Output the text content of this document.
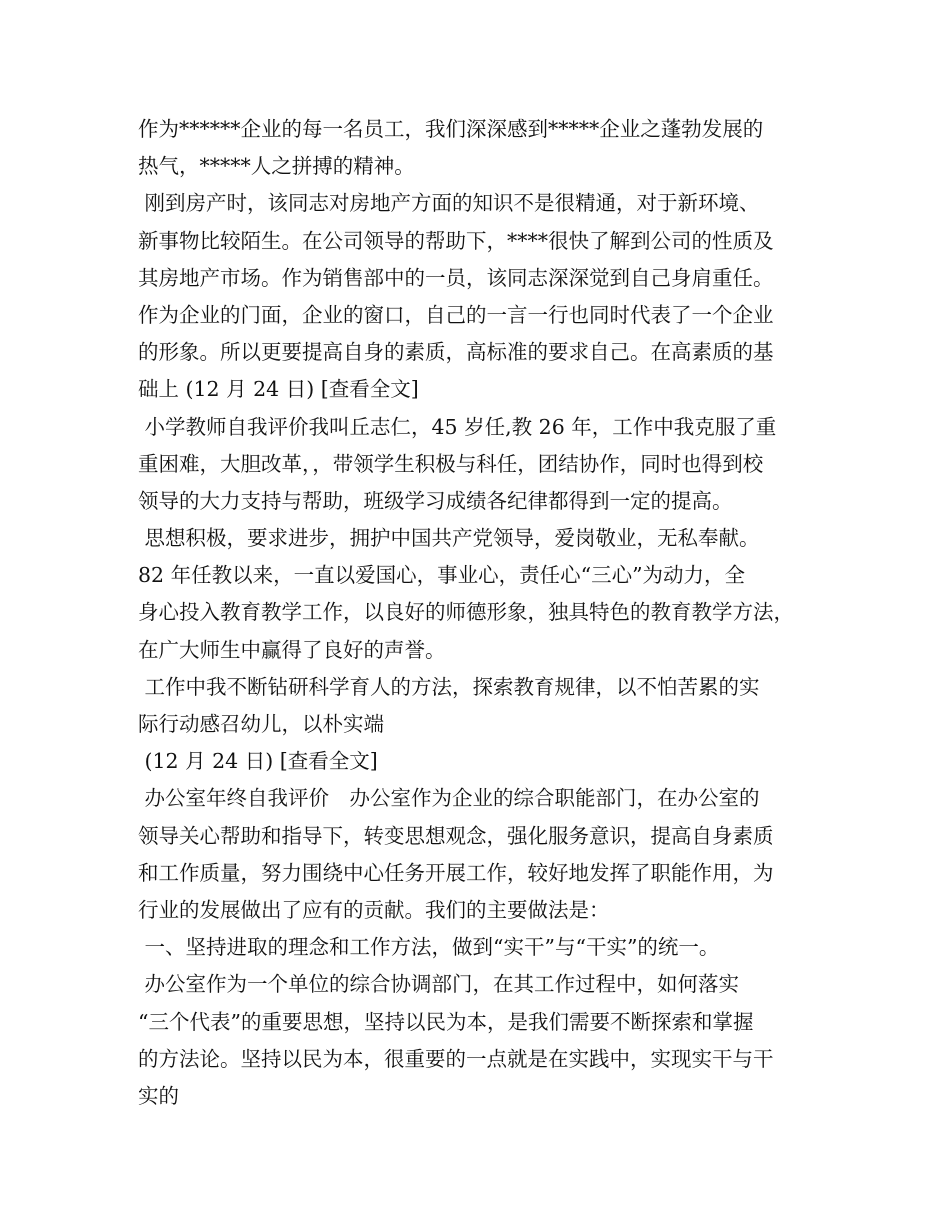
作为******企业的每一名员工，我们深深感到*****企业之蓬勃发展的
热气，*****人之拼搏的精神。
刚到房产时，该同志对房地产方面的知识不是很精通，对于新环境、
新事物比较陌生。在公司领导的帮助下，****很快了解到公司的性质及
其房地产市场。作为销售部中的一员，该同志深深觉到自己身肩重任。
作为企业的门面，企业的窗口，自己的一言一行也同时代表了一个企业
的形象。所以更要提高自身的素质，高标准的要求自己。在高素质的基
础上 (12 月 24 日) [查看全文]
小学教师自我评价我叫丘志仁，45 岁任,教 26 年，工作中我克服了重
重困难，大胆改革，，带领学生积极与科任，团结协作，同时也得到校
领导的大力支持与帮助，班级学习成绩各纪律都得到一定的提高。
思想积极，要求进步，拥护中国共产党领导，爱岗敬业，无私奉献。
82 年任教以来，一直以爱国心，事业心，责任心“三心”为动力，全
身心投入教育教学工作，以良好的师德形象，独具特色的教育教学方法，
在广大师生中赢得了良好的声誉。
工作中我不断钻研科学育人的方法，探索教育规律，以不怕苦累的实
际行动感召幼儿，以朴实端
(12 月 24 日) [查看全文]
办公室年终自我评价　办公室作为企业的综合职能部门，在办公室的
领导关心帮助和指导下，转变思想观念，强化服务意识，提高自身素质
和工作质量，努力围绕中心任务开展工作，较好地发挥了职能作用，为
行业的发展做出了应有的贡献。我们的主要做法是：
一、坚持进取的理念和工作方法，做到“实干”与“干实”的统一。
办公室作为一个单位的综合协调部门，在其工作过程中，如何落实
“三个代表”的重要思想，坚持以民为本，是我们需要不断探索和掌握
的方法论。坚持以民为本，很重要的一点就是在实践中，实现实干与干
实的
